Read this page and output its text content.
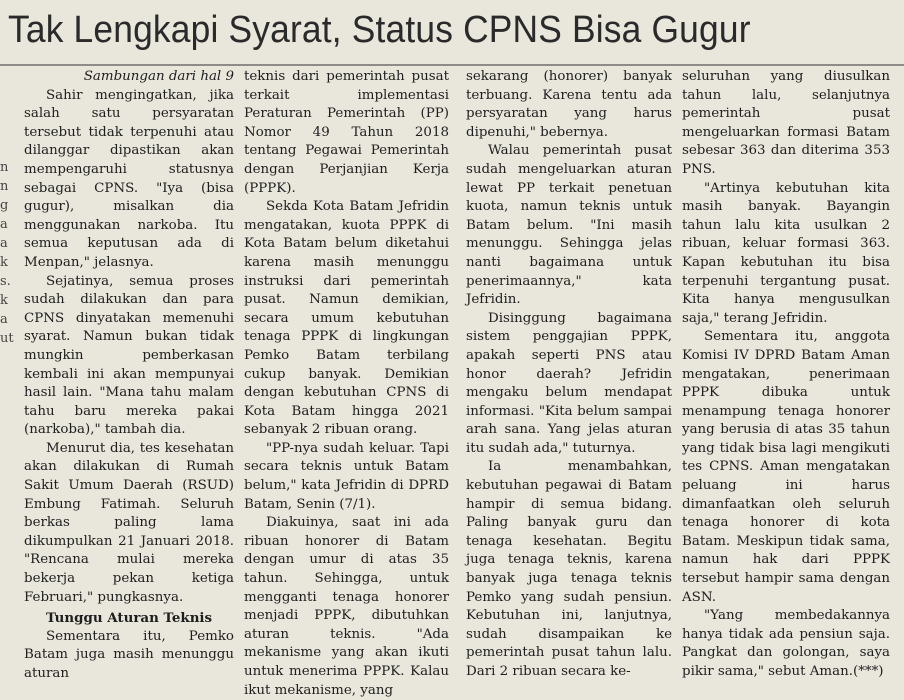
Tak Lengkapi Syarat, Status CPNS Bisa Gugur
n
n
g
a
a
k
s.
k
a
ut

Sambungan dari hal 9

Sahir mengingatkan, jika salah satu persyaratan tersebut tidak terpenuhi atau dilanggar dipastikan akan mempengaruhi statusnya sebagai CPNS. "Iya (bisa gugur), misalkan dia menggunakan narkoba. Itu semua keputusan ada di Menpan," jelasnya.

Sejatinya, semua proses sudah dilakukan dan para CPNS dinyatakan memenuhi syarat. Namun bukan tidak mungkin pemberkasan kembali ini akan mempunyai hasil lain. "Mana tahu malam tahu baru mereka pakai (narkoba)," tambah dia.

Menurut dia, tes kesehatan akan dilakukan di Rumah Sakit Umum Daerah (RSUD) Embung Fatimah. Seluruh berkas paling lama dikumpulkan 21 Januari 2018. "Rencana mulai mereka bekerja pekan ketiga Februari," pungkasnya.

Tunggu Aturan Teknis

Sementara itu, Pemko Batam juga masih menunggu aturan

teknis dari pemerintah pusat terkait implementasi Peraturan Pemerintah (PP) Nomor 49 Tahun 2018 tentang Pegawai Pemerintah dengan Perjanjian Kerja (PPPK).

Sekda Kota Batam Jefridin mengatakan, kuota PPPK di Kota Batam belum diketahui karena masih menunggu instruksi dari pemerintah pusat. Namun demikian, secara umum kebutuhan tenaga PPPK di lingkungan Pemko Batam terbilang cukup banyak. Demikian dengan kebutuhan CPNS di Kota Batam hingga 2021 sebanyak 2 ribuan orang.

"PP-nya sudah keluar. Tapi secara teknis untuk Batam belum," kata Jefridin di DPRD Batam, Senin (7/1).

Diakuinya, saat ini ada ribuan honorer di Batam dengan umur di atas 35 tahun. Sehingga, untuk mengganti tenaga honorer menjadi PPPK, dibutuhkan aturan teknis. "Ada mekanisme yang akan ikuti untuk menerima PPPK. Kalau ikut mekanisme, yang

sekarang (honorer) banyak terbuang. Karena tentu ada persyaratan yang harus dipenuhi," bebernya.

Walau pemerintah pusat sudah mengeluarkan aturan lewat PP terkait penetuan kuota, namun teknis untuk Batam belum. "Ini masih menunggu. Sehingga jelas nanti bagaimana untuk penerimaannya," kata Jefridin.

Disinggung bagaimana sistem penggajian PPPK, apakah seperti PNS atau honor daerah? Jefridin mengaku belum mendapat informasi. "Kita belum sampai arah sana. Yang jelas aturan itu sudah ada," tuturnya.

Ia menambahkan, kebutuhan pegawai di Batam hampir di semua bidang. Paling banyak guru dan tenaga kesehatan. Begitu juga tenaga teknis, karena banyak juga tenaga teknis Pemko yang sudah pensiun. Kebutuhan ini, lanjutnya, sudah disampaikan ke pemerintah pusat tahun lalu. Dari 2 ribuan secara ke-

seluruhan yang diusulkan tahun lalu, selanjutnya pemerintah pusat mengeluarkan formasi Batam sebesar 363 dan diterima 353 PNS.

"Artinya kebutuhan kita masih banyak. Bayangin tahun lalu kita usulkan 2 ribuan, keluar formasi 363. Kapan kebutuhan itu bisa terpenuhi tergantung pusat. Kita hanya mengusulkan saja," terang Jefridin.

Sementara itu, anggota Komisi IV DPRD Batam Aman mengatakan, penerimaan PPPK dibuka untuk menampung tenaga honorer yang berusia di atas 35 tahun yang tidak bisa lagi mengikuti tes CPNS. Aman mengatakan peluang ini harus dimanfaatkan oleh seluruh tenaga honorer di kota Batam. Meskipun tidak sama, namun hak dari PPPK tersebut hampir sama dengan ASN.

"Yang membedakannya hanya tidak ada pensiun saja. Pangkat dan golongan, saya pikir sama," sebut Aman.(***)
